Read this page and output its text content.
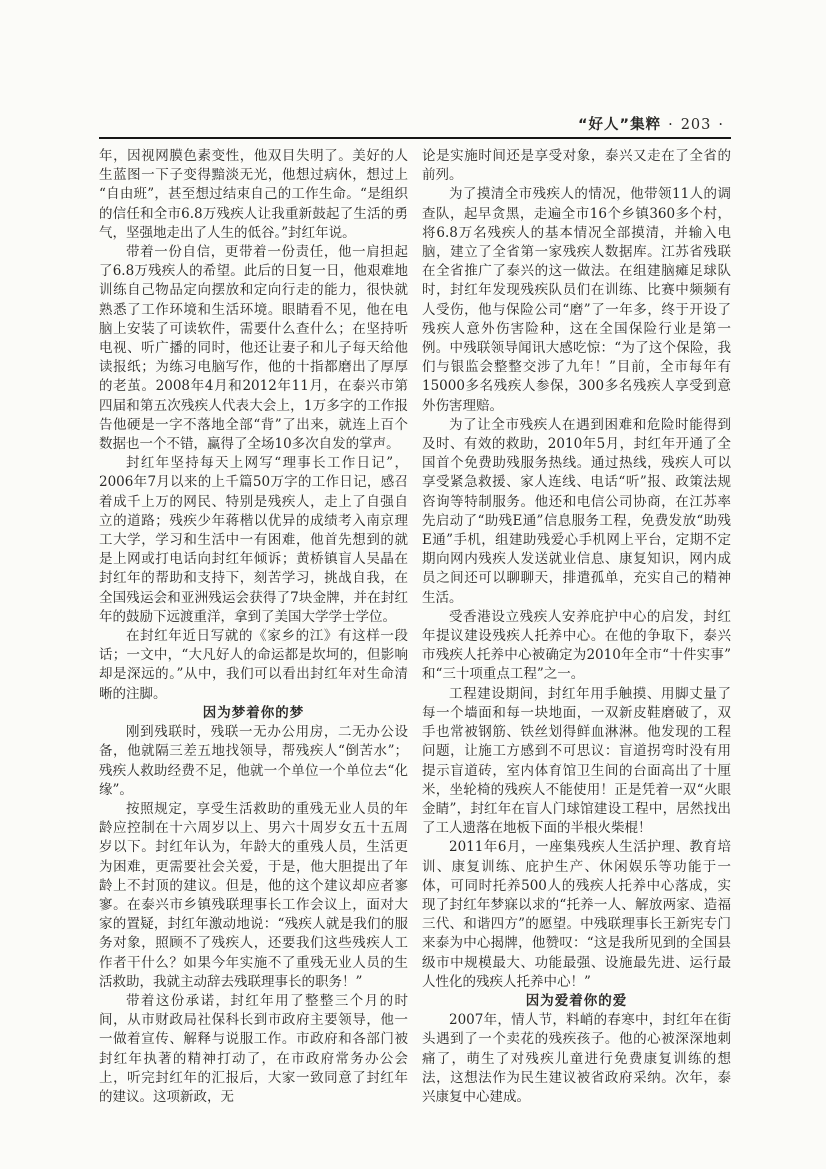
“好人”集粹 · 203 ·

年，因视网膜色素变性，他双目失明了。美好的人生蓝图一下子变得黯淡无光，他想过病休，想过上“自由班”，甚至想过结束自己的工作生命。“是组织的信任和全市6.8万残疾人让我重新鼓起了生活的勇气，坚强地走出了人生的低谷。”封红年说。

带着一份自信，更带着一份责任，他一肩担起了6.8万残疾人的希望。此后的日复一日，他艰难地训练自己物品定向摆放和定向行走的能力，很快就熟悉了工作环境和生活环境。眼睛看不见，他在电脑上安装了可读软件，需要什么查什么；在坚持听电视、听广播的同时，他还让妻子和儿子每天给他读报纸；为练习电脑写作，他的十指都磨出了厚厚的老茧。2008年4月和2012年11月，在泰兴市第四届和第五次残疾人代表大会上，1万多字的工作报告他硬是一字不落地全部“背”了出来，就连上百个数据也一个不错，赢得了全场10多次自发的掌声。

封红年坚持每天上网写“理事长工作日记”，2006年7月以来的上千篇50万字的工作日记，感召着成千上万的网民、特别是残疾人，走上了自强自立的道路；残疾少年蒋楷以优异的成绩考入南京理工大学，学习和生活中一有困难，他首先想到的就是上网或打电话向封红年倾诉；黄桥镇盲人吴晶在封红年的帮助和支持下，刻苦学习，挑战自我，在全国残运会和亚洲残运会获得了7块金牌，并在封红年的鼓励下远渡重洋，拿到了美国大学学士学位。

在封红年近日写就的《家乡的江》有这样一段话；一文中，“大凡好人的命运都是坎坷的，但影响却是深远的。”从中，我们可以看出封红年对生命清晰的注脚。

因为梦着你的梦

刚到残联时，残联一无办公用房，二无办公设备，他就隔三差五地找领导，帮残疾人“倒苦水”；残疾人救助经费不足，他就一个单位一个单位去“化缘”。

按照规定，享受生活救助的重残无业人员的年龄应控制在十六周岁以上、男六十周岁女五十五周岁以下。封红年认为，年龄大的重残人员，生活更为困难，更需要社会关爱，于是，他大胆提出了年龄上不封顶的建议。但是，他的这个建议却应者寥寥。在泰兴市乡镇残联理事长工作会议上，面对大家的置疑，封红年激动地说：“残疾人就是我们的服务对象，照顾不了残疾人，还要我们这些残疾人工作者干什么？如果今年实施不了重残无业人员的生活救助，我就主动辞去残联理事长的职务！”

带着这份承诺，封红年用了整整三个月的时间，从市财政局社保科长到市政府主要领导，他一一做着宣传、解释与说服工作。市政府和各部门被封红年执著的精神打动了，在市政府常务办公会上，听完封红年的汇报后，大家一致同意了封红年的建议。这项新政，无

论是实施时间还是享受对象，泰兴又走在了全省的前列。

为了摸清全市残疾人的情况，他带领11人的调查队，起早贪黑，走遍全市16个乡镇360多个村，将6.8万名残疾人的基本情况全部摸清，并输入电脑，建立了全省第一家残疾人数据库。江苏省残联在全省推广了泰兴的这一做法。在组建脑瘫足球队时，封红年发现残疾队员们在训练、比赛中频频有人受伤，他与保险公司“磨”了一年多，终于开设了残疾人意外伤害险种，这在全国保险行业是第一例。中残联领导闻讯大感吃惊：“为了这个保险，我们与银监会整整交涉了九年！”目前，全市每年有15000多名残疾人参保，300多名残疾人享受到意外伤害理赔。

为了让全市残疾人在遇到困难和危险时能得到及时、有效的救助，2010年5月，封红年开通了全国首个免费助残服务热线。通过热线，残疾人可以享受紧急救援、家人连线、电话“听”报、政策法规咨询等特制服务。他还和电信公司协商，在江苏率先启动了“助残E通”信息服务工程，免费发放“助残E通”手机，组建助残爱心手机网上平台，定期不定期向网内残疾人发送就业信息、康复知识，网内成员之间还可以聊聊天，排遣孤单，充实自己的精神生活。

受香港设立残疾人安养庇护中心的启发，封红年提议建设残疾人托养中心。在他的争取下，泰兴市残疾人托养中心被确定为2010年全市“十件实事”和“三十项重点工程”之一。

工程建设期间，封红年用手触摸、用脚丈量了每一个墙面和每一块地面，一双新皮鞋磨破了，双手也常被钢筋、铁丝划得鲜血淋淋。他发现的工程问题，让施工方感到不可思议：盲道拐弯时没有用提示盲道砖，室内体育馆卫生间的台面高出了十厘米，坐轮椅的残疾人不能使用！正是凭着一双“火眼金睛”，封红年在盲人门球馆建设工程中，居然找出了工人遗落在地板下面的半根火柴棍！

2011年6月，一座集残疾人生活护理、教育培训、康复训练、庇护生产、休闲娱乐等功能于一体，可同时托养500人的残疾人托养中心落成，实现了封红年梦寐以求的“托养一人、解放两家、造福三代、和谐四方”的愿望。中残联理事长王新宪专门来泰为中心揭牌，他赞叹：“这是我所见到的全国县级市中规模最大、功能最强、设施最先进、运行最人性化的残疾人托养中心！”

因为爱着你的爱

2007年，情人节，料峭的春寒中，封红年在街头遇到了一个卖花的残疾孩子。他的心被深深地刺痛了，萌生了对残疾儿童进行免费康复训练的想法，这想法作为民生建议被省政府采纳。次年，泰兴康复中心建成。
